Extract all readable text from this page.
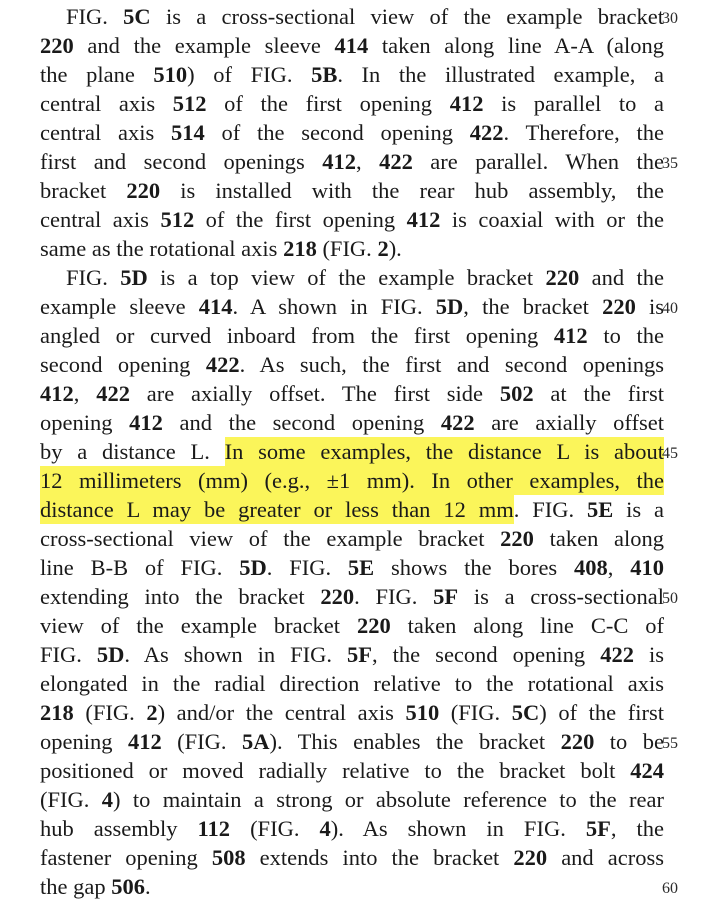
FIG. 5C is a cross-sectional view of the example bracket
220 and the example sleeve 414 taken along line A-A (along
the plane 510) of FIG. 5B. In the illustrated example, a
central axis 512 of the first opening 412 is parallel to a
central axis 514 of the second opening 422. Therefore, the
first and second openings 412, 422 are parallel. When the
bracket 220 is installed with the rear hub assembly, the
central axis 512 of the first opening 412 is coaxial with or the
same as the rotational axis 218 (FIG. 2).
FIG. 5D is a top view of the example bracket 220 and the
example sleeve 414. A shown in FIG. 5D, the bracket 220 is
angled or curved inboard from the first opening 412 to the
second opening 422. As such, the first and second openings
412, 422 are axially offset. The first side 502 at the first
opening 412 and the second opening 422 are axially offset
by a distance L. In some examples, the distance L is about
12 millimeters (mm) (e.g., ±1 mm). In other examples, the
distance L may be greater or less than 12 mm. FIG. 5E is a
cross-sectional view of the example bracket 220 taken along
line B-B of FIG. 5D. FIG. 5E shows the bores 408, 410
extending into the bracket 220. FIG. 5F is a cross-sectional
view of the example bracket 220 taken along line C-C of
FIG. 5D. As shown in FIG. 5F, the second opening 422 is
elongated in the radial direction relative to the rotational axis
218 (FIG. 2) and/or the central axis 510 (FIG. 5C) of the first
opening 412 (FIG. 5A). This enables the bracket 220 to be
positioned or moved radially relative to the bracket bolt 424
(FIG. 4) to maintain a strong or absolute reference to the rear
hub assembly 112 (FIG. 4). As shown in FIG. 5F, the
fastener opening 508 extends into the bracket 220 and across
the gap 506.
30
35
40
45
50
55
60
